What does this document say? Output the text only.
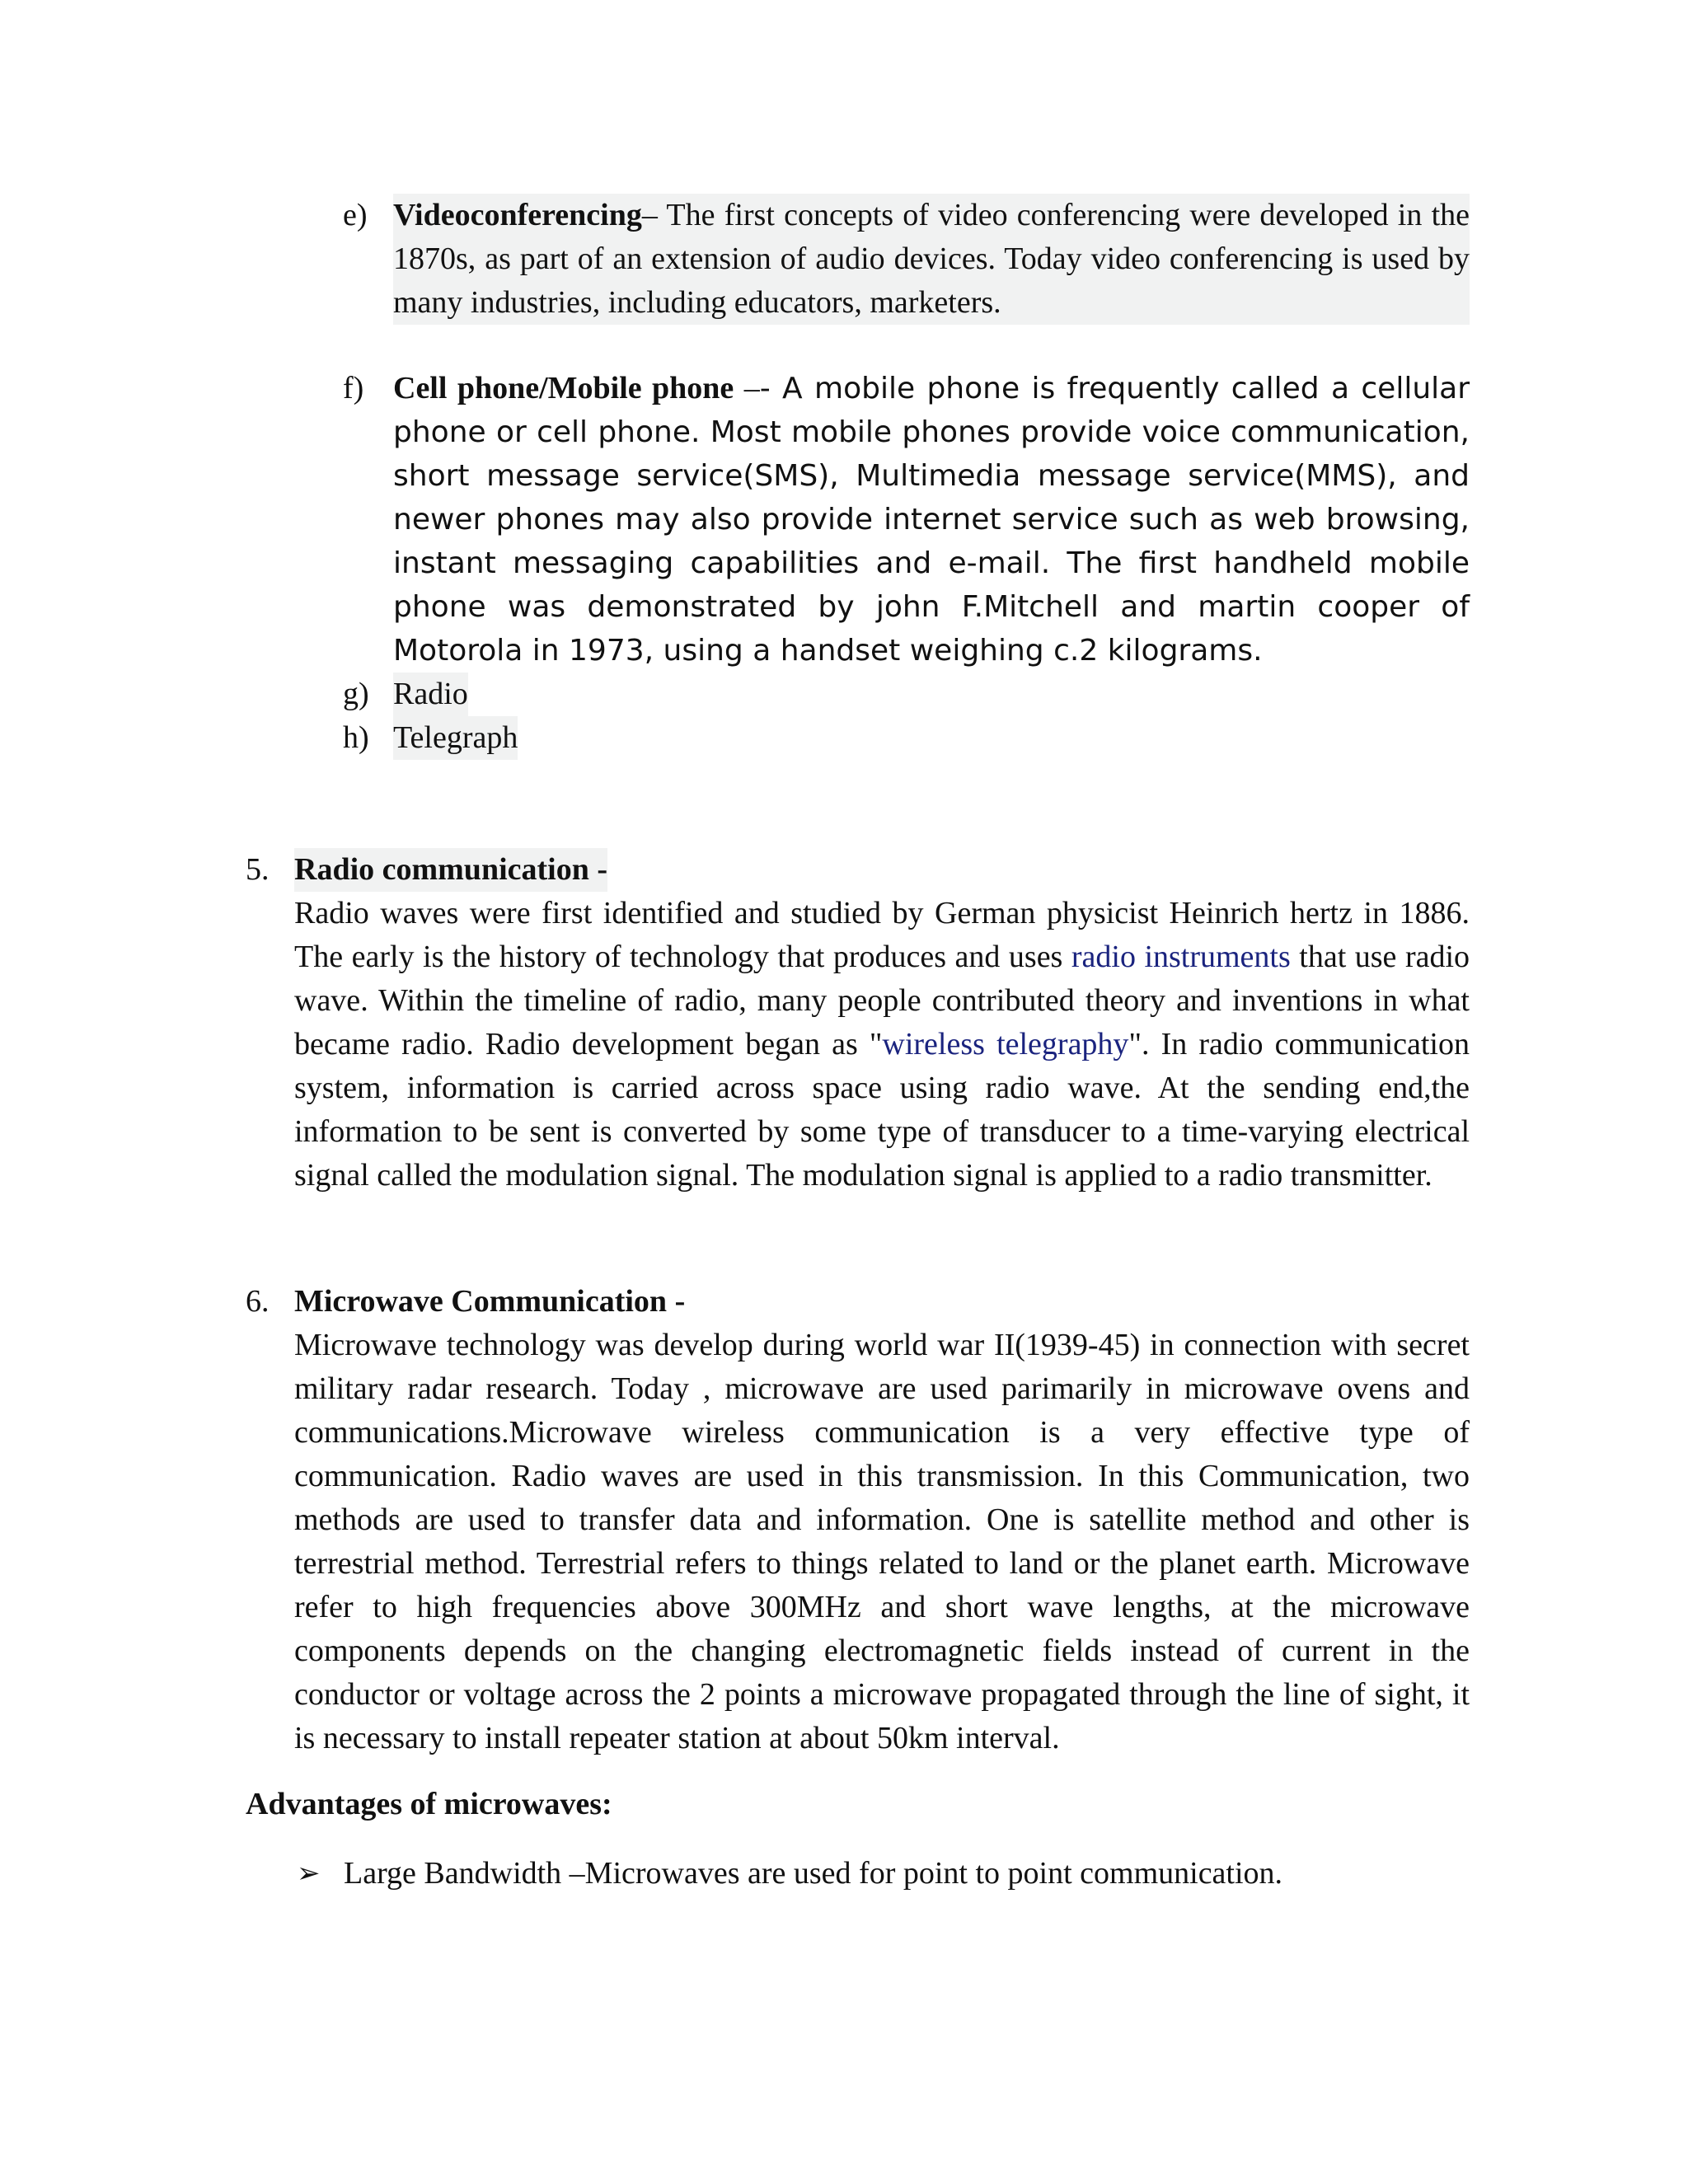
e) Videoconferencing– The first concepts of video conferencing were developed in the 1870s, as part of an extension of audio devices. Today video conferencing is used by many industries, including educators, marketers.
f) Cell phone/Mobile phone –- A mobile phone is frequently called a cellular phone or cell phone. Most mobile phones provide voice communication, short message service(SMS), Multimedia message service(MMS), and newer phones may also provide internet service such as web browsing, instant messaging capabilities and e-mail. The first handheld mobile phone was demonstrated by john F.Mitchell and martin cooper of Motorola in 1973, using a handset weighing c.2 kilograms.
g) Radio
h) Telegraph
5. Radio communication -
Radio waves were first identified and studied by German physicist Heinrich hertz in 1886. The early is the history of technology that produces and uses radio instruments that use radio wave. Within the timeline of radio, many people contributed theory and inventions in what became radio. Radio development began as "wireless telegraphy". In radio communication system, information is carried across space using radio wave. At the sending end,the information to be sent is converted by some type of transducer to a time-varying electrical signal called the modulation signal. The modulation signal is applied to a radio transmitter.
6. Microwave Communication -
Microwave technology was develop during world war II(1939-45) in connection with secret military radar research. Today , microwave are used parimarily in microwave ovens and communications.Microwave wireless communication is a very effective type of communication. Radio waves are used in this transmission. In this Communication, two methods are used to transfer data and information. One is satellite method and other is terrestrial method. Terrestrial refers to things related to land or the planet earth. Microwave refer to high frequencies above 300MHz and short wave lengths, at the microwave components depends on the changing electromagnetic fields instead of current in the conductor or voltage across the 2 points a microwave propagated through the line of sight, it is necessary to install repeater station at about 50km interval.
Advantages of microwaves:
➢ Large Bandwidth –Microwaves are used for point to point communication.
